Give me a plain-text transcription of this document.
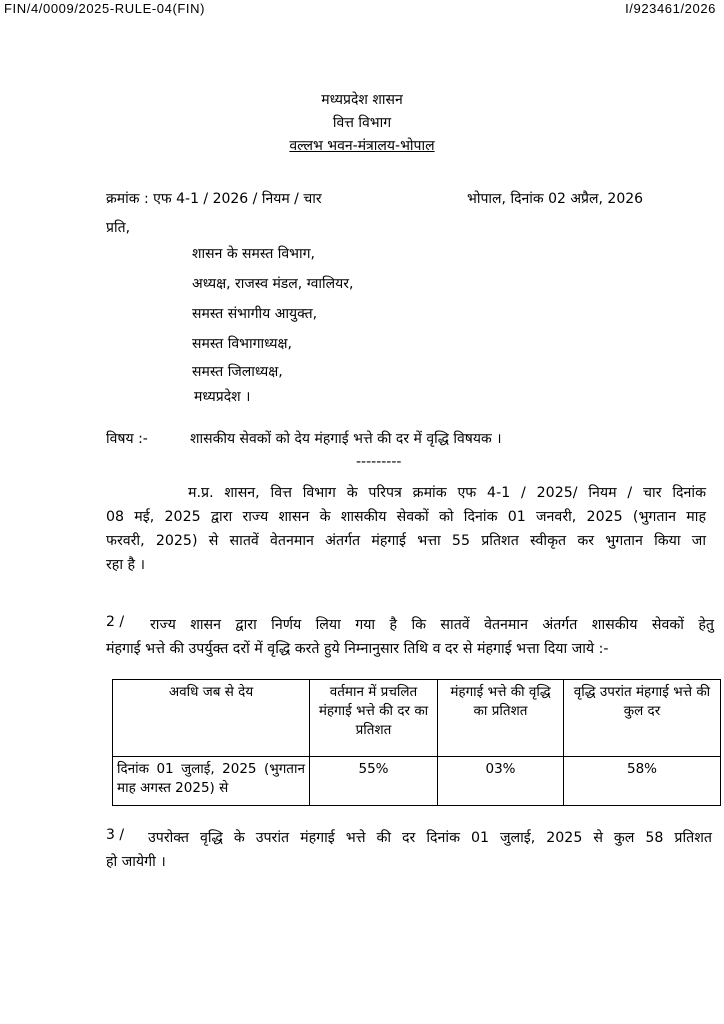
FIN/4/0009/2025-RULE-04(FIN)	I/923461/2026
मध्यप्रदेश शासन
वित्त विभाग
वल्लभ भवन-मंत्रालय-भोपाल
क्रमांक : एफ 4-1 / 2026 / नियम / चार	भोपाल, दिनांक 02 अप्रैल, 2026
प्रति,
शासन के समस्त विभाग,
अध्यक्ष, राजस्व मंडल, ग्वालियर,
समस्त संभागीय आयुक्त,
समस्त विभागाध्यक्ष,
समस्त जिलाध्यक्ष,
मध्यप्रदेश ।
विषय :-	शासकीय सेवकों को देय मंहगाई भत्ते की दर में वृद्धि विषयक ।
---------
म.प्र. शासन, वित्त विभाग के परिपत्र क्रमांक एफ 4-1 / 2025/ नियम / चार दिनांक
08 मई, 2025 द्वारा राज्य शासन के शासकीय सेवकों को दिनांक 01 जनवरी, 2025 (भुगतान माह
फरवरी, 2025) से सातवें वेतनमान अंतर्गत मंहगाई भत्ता 55 प्रतिशत स्वीकृत कर भुगतान किया जा
रहा है ।
2 /	राज्य शासन द्वारा निर्णय लिया गया है कि सातवें वेतनमान अंतर्गत शासकीय सेवकों हेतु
मंहगाई भत्ते की उपर्युक्त दरों में वृद्धि करते हुये निम्नानुसार तिथि व दर से मंहगाई भत्ता दिया जाये :-
अवधि जब से देय	वर्तमान में प्रचलित मंहगाई भत्ते की दर का प्रतिशत	मंहगाई भत्ते की वृद्धि का प्रतिशत	वृद्धि उपरांत मंहगाई भत्ते की कुल दर
दिनांक 01 जुलाई, 2025 (भुगतान माह अगस्त 2025) से	55%	03%	58%
3 /	उपरोक्त वृद्धि के उपरांत मंहगाई भत्ते की दर दिनांक 01 जुलाई, 2025 से कुल 58 प्रतिशत
हो जायेगी ।
